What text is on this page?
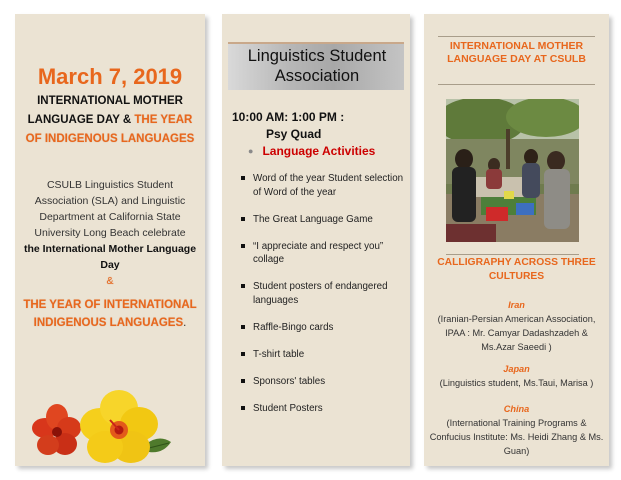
March 7, 2019
INTERNATIONAL MOTHER LANGUAGE DAY & THE YEAR OF INDIGENOUS LANGUAGES
CSULB Linguistics Student Association (SLA) and Linguistic Department at California State University Long Beach celebrate
the International Mother Language Day
&
THE YEAR OF INTERNATIONAL INDIGENOUS LANGUAGES.
Linguistics Student Association
10:00 AM: 1:00 PM :
Psy Quad
● Language Activities
Word of the year Student selection of Word of the year
The Great Language Game
“I appreciate and respect you” collage
Student posters of endangered languages
Raffle-Bingo cards
T-shirt table
Sponsors' tables
Student Posters
INTERNATIONAL MOTHER LANGUAGE DAY AT CSULB
CALLIGRAPHY ACROSS THREE CULTURES
Iran
(Iranian-Persian American Association, IPAA : Mr. Camyar Dadashzadeh & Ms.Azar Saeedi )
Japan
(Linguistics student, Ms.Taui, Marisa )
China
(International Training Programs & Confucius Institute: Ms. Heidi Zhang & Ms. Guan)
